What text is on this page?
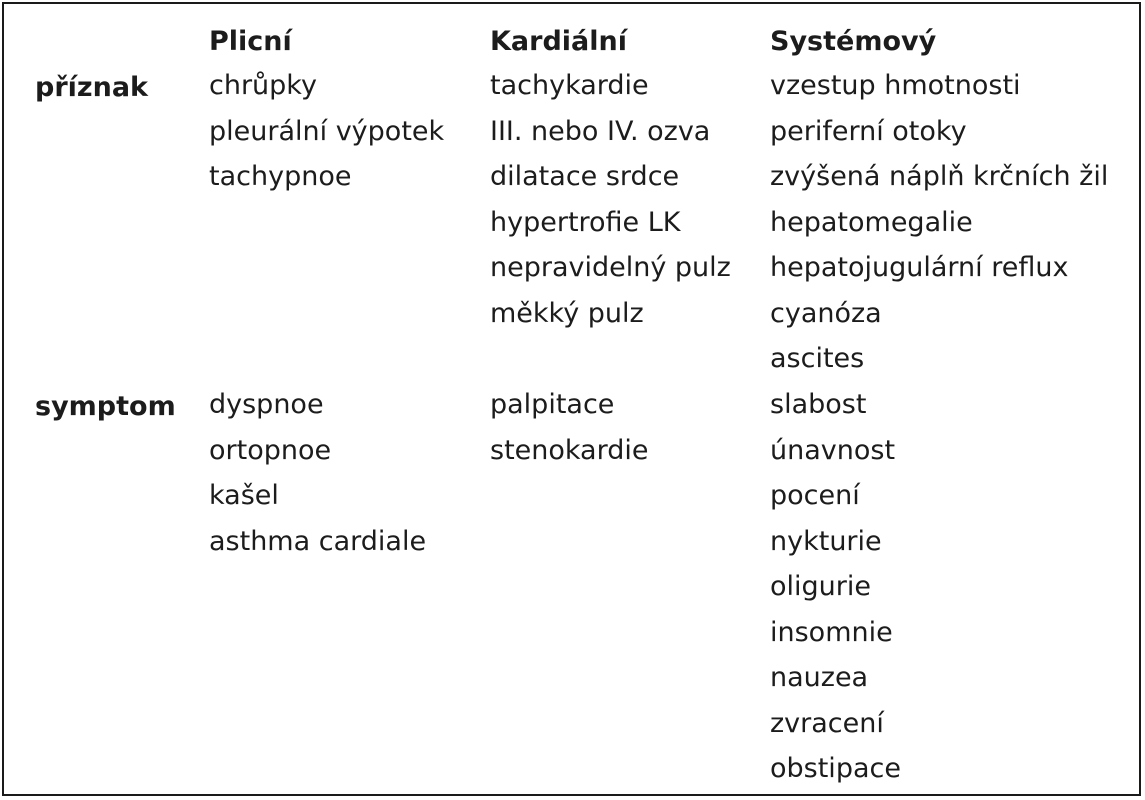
Plicní	Kardiální	Systémový
příznak chrůpky
pleurální výpotek
tachypnoe
tachykardie
III. nebo IV. ozva
dilatace srdce
hypertrofie LK
nepravidelný pulz
měkký pulz
vzestup hmotnosti
periferní otoky
zvýšená náplň krčních žil
hepatomegalie
hepatojugulární reflux
cyanóza
ascites
symptom dyspnoe
ortopnoe
kašel
asthma cardiale
palpitace
stenokardie
slabost
únavnost
pocení
nykturie
oligurie
insomnie
nauzea
zvracení
obstipace
